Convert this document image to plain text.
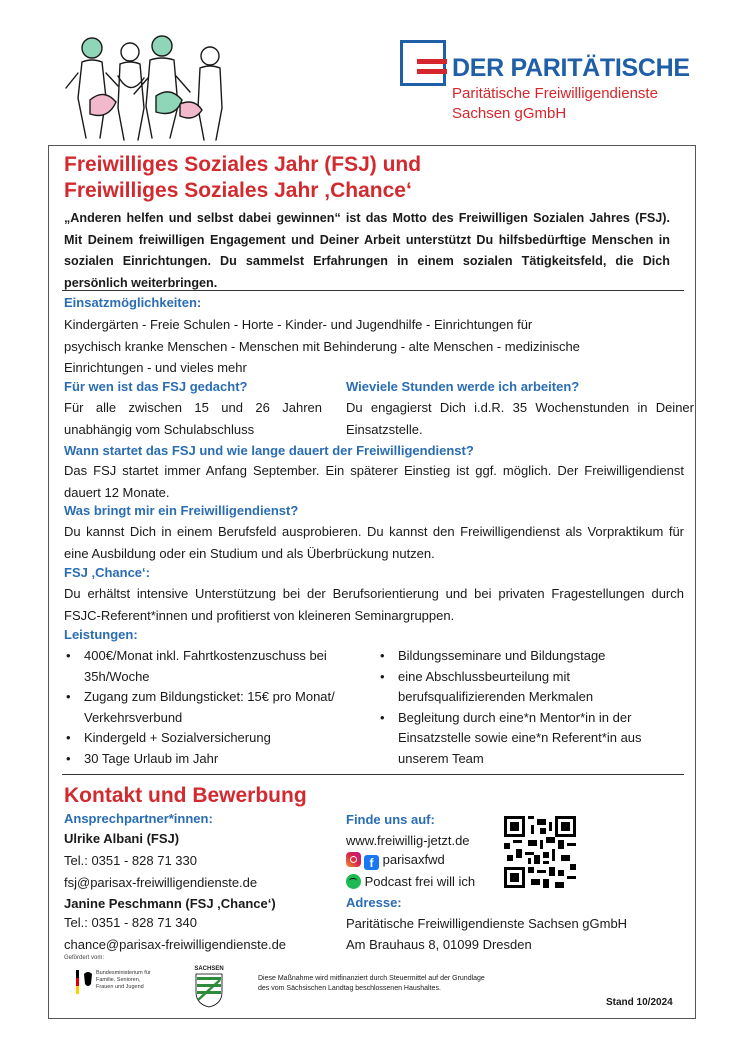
DER PARITÄTISCHE
Paritätische Freiwilligendienste
Sachsen gGmbH
Freiwilliges Soziales Jahr (FSJ) und
Freiwilliges Soziales Jahr ‚Chance‘
„Anderen helfen und selbst dabei gewinnen“ ist das Motto des Freiwilligen Sozialen Jahres (FSJ). Mit Deinem freiwilligen Engagement und Deiner Arbeit unterstützt Du hilfsbedürftige Menschen in sozialen Einrichtungen. Du sammelst Erfahrungen in einem sozialen Tätigkeitsfeld, die Dich persönlich weiterbringen.
Einsatzmöglichkeiten:
Kindergärten - Freie Schulen - Horte - Kinder- und Jugendhilfe - Einrichtungen für
psychisch kranke Menschen - Menschen mit Behinderung - alte Menschen - medizinische
Einrichtungen - und vieles mehr
Für wen ist das FSJ gedacht?
Für alle zwischen 15 und 26 Jahren unabhängig vom Schulabschluss
Wieviele Stunden werde ich arbeiten?
Du engagierst Dich i.d.R. 35 Wochenstunden in Deiner Einsatzstelle.
Wann startet das FSJ und wie lange dauert der Freiwilligendienst?
Das FSJ startet immer Anfang September. Ein späterer Einstieg ist ggf. möglich. Der Freiwilligendienst dauert 12 Monate.
Was bringt mir ein Freiwilligendienst?
Du kannst Dich in einem Berufsfeld ausprobieren. Du kannst den Freiwilligendienst als Vorpraktikum für eine Ausbildung oder ein Studium und als Überbrückung nutzen.
FSJ ‚Chance‘:
Du erhältst intensive Unterstützung bei der Berufsorientierung und bei privaten Fragestellungen durch FSJC-Referent*innen und profitierst von kleineren Seminargruppen.
Leistungen:
• 400€/Monat inkl. Fahrtkostenzuschuss bei 35h/Woche
• Zugang zum Bildungsticket: 15€ pro Monat/ Verkehrsverbund
• Kindergeld + Sozialversicherung
• 30 Tage Urlaub im Jahr
• Bildungsseminare und Bildungstage
• eine Abschlussbeurteilung mit berufsqualifizierenden Merkmalen
• Begleitung durch eine*n Mentor*in in der Einsatzstelle sowie eine*n Referent*in aus unserem Team
Kontakt und Bewerbung
Ansprechpartner*innen:
Ulrike Albani (FSJ)
Tel.: 0351 - 828 71 330
fsj@parisax-freiwilligendienste.de
Janine Peschmann (FSJ ‚Chance‘)
Tel.: 0351 - 828 71 340
chance@parisax-freiwilligendienste.de
Finde uns auf:
www.freiwillig-jetzt.de
f parisaxfwd
Podcast frei will ich
Adresse:
Paritätische Freiwilligendienste Sachsen gGmbH
Am Brauhaus 8, 01099 Dresden
Gefördert vom:
Bundesministerium für Familie, Senioren, Frauen und Jugend
SACHSEN
Diese Maßnahme wird mitfinanziert durch Steuermittel auf der Grundlage des vom Sächsischen Landtag beschlossenen Haushaltes.
Stand 10/2024
